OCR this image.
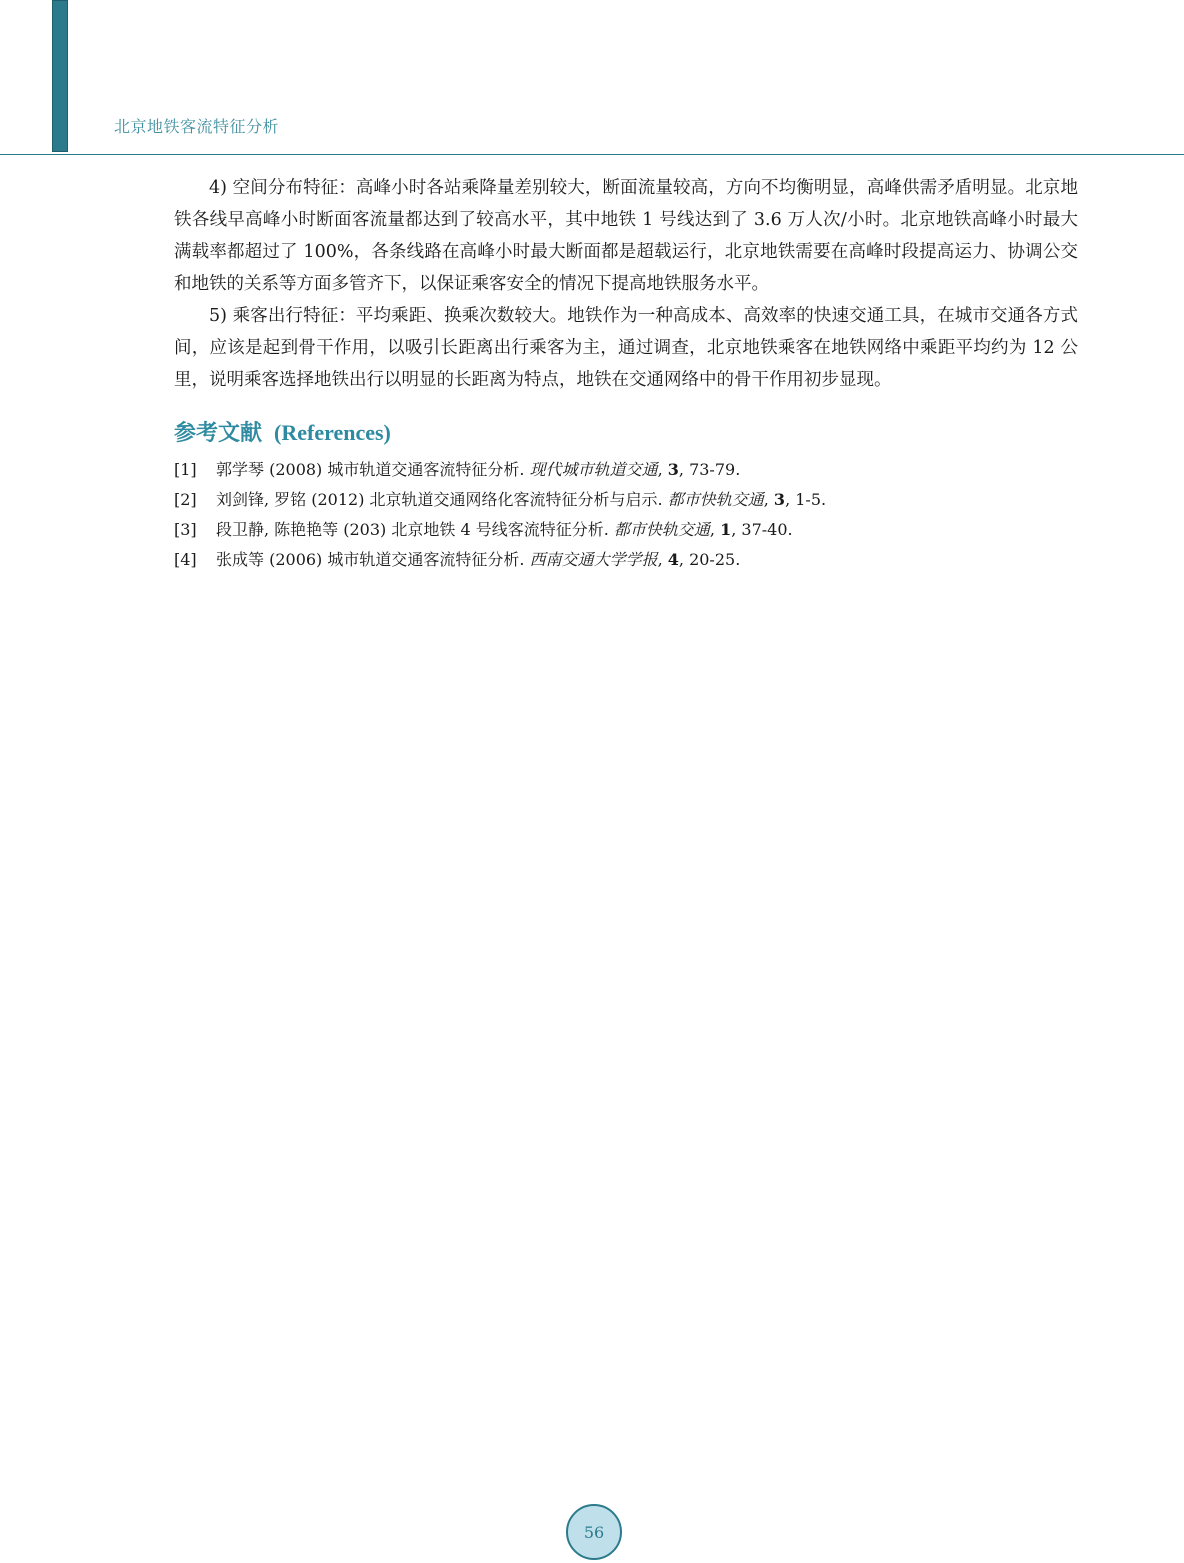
北京地铁客流特征分析

4) 空间分布特征：高峰小时各站乘降量差别较大，断面流量较高，方向不均衡明显，高峰供需矛盾明显。北京地铁各线早高峰小时断面客流量都达到了较高水平，其中地铁 1 号线达到了 3.6 万人次/小时。北京地铁高峰小时最大满载率都超过了 100%，各条线路在高峰小时最大断面都是超载运行，北京地铁需要在高峰时段提高运力、协调公交和地铁的关系等方面多管齐下，以保证乘客安全的情况下提高地铁服务水平。

5) 乘客出行特征：平均乘距、换乘次数较大。地铁作为一种高成本、高效率的快速交通工具，在城市交通各方式间，应该是起到骨干作用，以吸引长距离出行乘客为主，通过调查，北京地铁乘客在地铁网络中乘距平均约为 12 公里，说明乘客选择地铁出行以明显的长距离为特点，地铁在交通网络中的骨干作用初步显现。

参考文献 (References)
[1]	郭学琴 (2008) 城市轨道交通客流特征分析. 现代城市轨道交通, 3, 73-79.
[2]	刘剑锋, 罗铭 (2012) 北京轨道交通网络化客流特征分析与启示. 都市快轨交通, 3, 1-5.
[3]	段卫静, 陈艳艳等 (203) 北京地铁 4 号线客流特征分析. 都市快轨交通, 1, 37-40.
[4]	张成等 (2006) 城市轨道交通客流特征分析. 西南交通大学学报, 4, 20-25.
56
